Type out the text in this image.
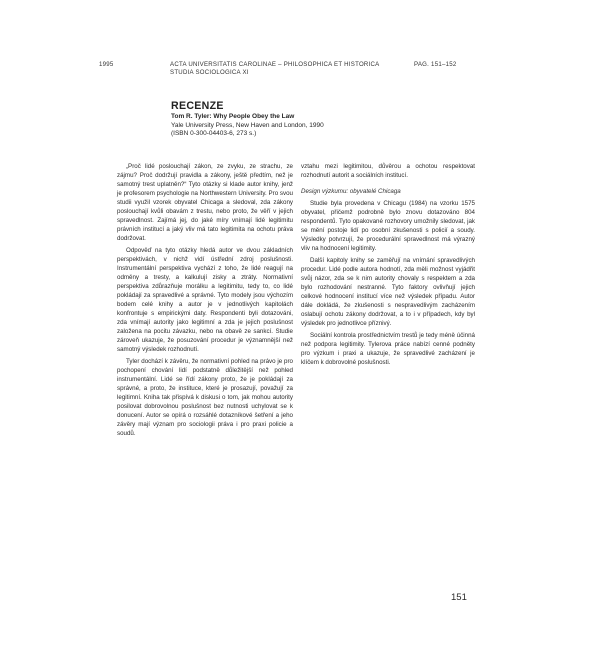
1995	ACTA UNIVERSITATIS CAROLINAE – PHILOSOPHICA ET HISTORICA
STUDIA SOCIOLOGICA XI
PAG. 151–152
RECENZE
Tom R. Tyler: Why People Obey the Law
Yale University Press, New Haven and London, 1990
(ISBN 0-300-04403-6, 273 s.)

„Proč lidé poslouchají zákon, ze zvyku, ze strachu, ze zájmu? Proč dodržují pravidla a zákony, ještě předtím, než je samotný trest uplatněn?“ Tyto otázky si klade autor knihy, jenž je profesorem psychologie na Northwestern University. Pro svou studii využil vzorek obyvatel Chicaga a sledoval, zda zákony poslouchají kvůli obavám z trestu, nebo proto, že věří v jejich spravedlnost. Zajímá jej, do jaké míry vnímají lidé legitimitu právních institucí a jaký vliv má tato legitimita na ochotu práva dodržovat.

Odpověď na tyto otázky hledá autor ve dvou základních perspektivách, v nichž vidí ústřední zdroj poslušnosti. Instrumentální perspektiva vychází z toho, že lidé reagují na odměny a tresty, a kalkulují zisky a ztráty. Normativní perspektiva zdůrazňuje morálku a legitimitu, tedy to, co lidé pokládají za spravedlivé a správné. Tyto modely jsou výchozím bodem celé knihy a autor je v jednotlivých kapitolách konfrontuje s empirickými daty. Respondenti byli dotazováni, zda vnímají autority jako legitimní a zda je jejich poslušnost založena na pocitu závazku, nebo na obavě ze sankcí. Studie zároveň ukazuje, že posuzování procedur je významnější než samotný výsledek rozhodnutí.

Tyler dochází k závěru, že normativní pohled na právo je pro pochopení chování lidí podstatně důležitější než pohled instrumentální. Lidé se řídí zákony proto, že je pokládají za správné, a proto, že instituce, které je prosazují, považují za legitimní. Kniha tak přispívá k diskusi o tom, jak mohou autority posilovat dobrovolnou poslušnost bez nutnosti uchylovat se k donucení. Autor se opírá o rozsáhlé dotazníkové šetření a jeho závěry mají význam pro sociologii práva i pro praxi policie a soudů.

vztahu mezi legitimitou, důvěrou a ochotou respektovat rozhodnutí autorit a sociálních institucí.

Design výzkumu: obyvatelé Chicaga

Studie byla provedena v Chicagu (1984) na vzorku 1575 obyvatel, přičemž podrobně bylo znovu dotazováno 804 respondentů. Tyto opakované rozhovory umožnily sledovat, jak se mění postoje lidí po osobní zkušenosti s policií a soudy. Výsledky potvrzují, že procedurální spravedlnost má výrazný vliv na hodnocení legitimity.

Další kapitoly knihy se zaměřují na vnímání spravedlivých procedur. Lidé podle autora hodnotí, zda měli možnost vyjádřit svůj názor, zda se k nim autority chovaly s respektem a zda bylo rozhodování nestranné. Tyto faktory ovlivňují jejich celkové hodnocení institucí více než výsledek případu. Autor dále dokládá, že zkušenosti s nespravedlivým zacházením oslabují ochotu zákony dodržovat, a to i v případech, kdy byl výsledek pro jednotlivce příznivý.

Sociální kontrola prostřednictvím trestů je tedy méně účinná než podpora legitimity. Tylerova práce nabízí cenné podněty pro výzkum i praxi a ukazuje, že spravedlivé zacházení je klíčem k dobrovolné poslušnosti.

151
